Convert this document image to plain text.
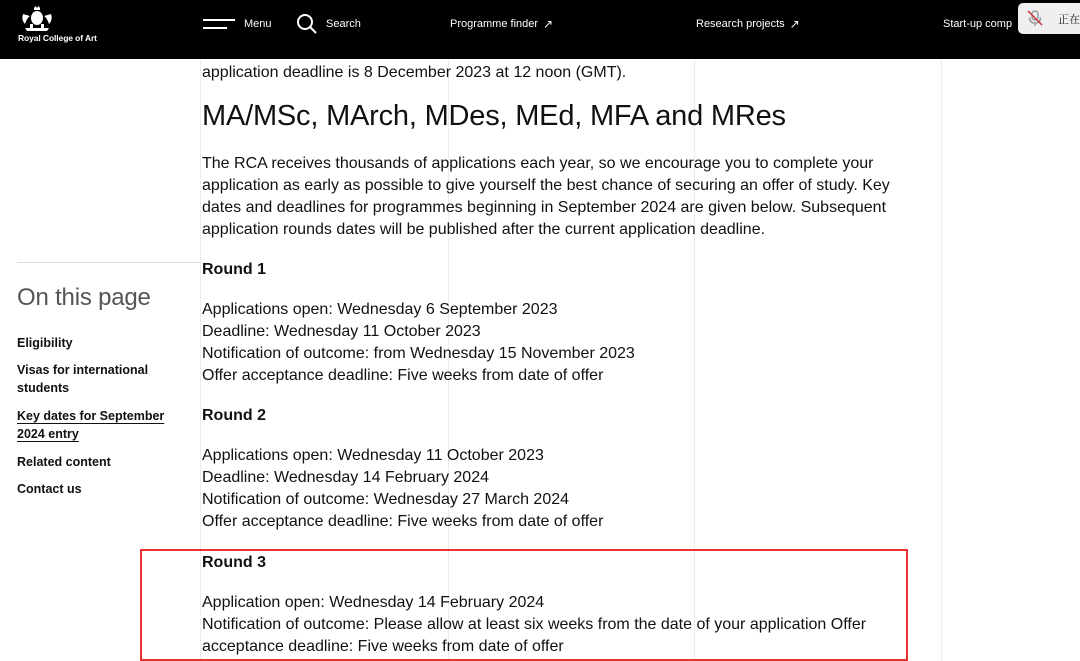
Royal College of Art
Menu	Search	Programme finder ↗	Research projects ↗	Start-up comp	正在
On this page
Eligibility
Visas for international students
Key dates for September 2024 entry
Related content
Contact us
application deadline is 8 December 2023 at 12 noon (GMT).
MA/MSc, MArch, MDes, MEd, MFA and MRes

The RCA receives thousands of applications each year, so we encourage you to complete your application as early as possible to give yourself the best chance of securing an offer of study. Key dates and deadlines for programmes beginning in September 2024 are given below. Subsequent application rounds dates will be published after the current application deadline.

Round 1
Applications open: Wednesday 6 September 2023
Deadline: Wednesday 11 October 2023
Notification of outcome: from Wednesday 15 November 2023
Offer acceptance deadline: Five weeks from date of offer
Round 2
Applications open: Wednesday 11 October 2023
Deadline: Wednesday 14 February 2024
Notification of outcome: Wednesday 27 March 2024
Offer acceptance deadline: Five weeks from date of offer
Round 3
Application open: Wednesday 14 February 2024
Notification of outcome: Please allow at least six weeks from the date of your application Offer acceptance deadline: Five weeks from date of offer
